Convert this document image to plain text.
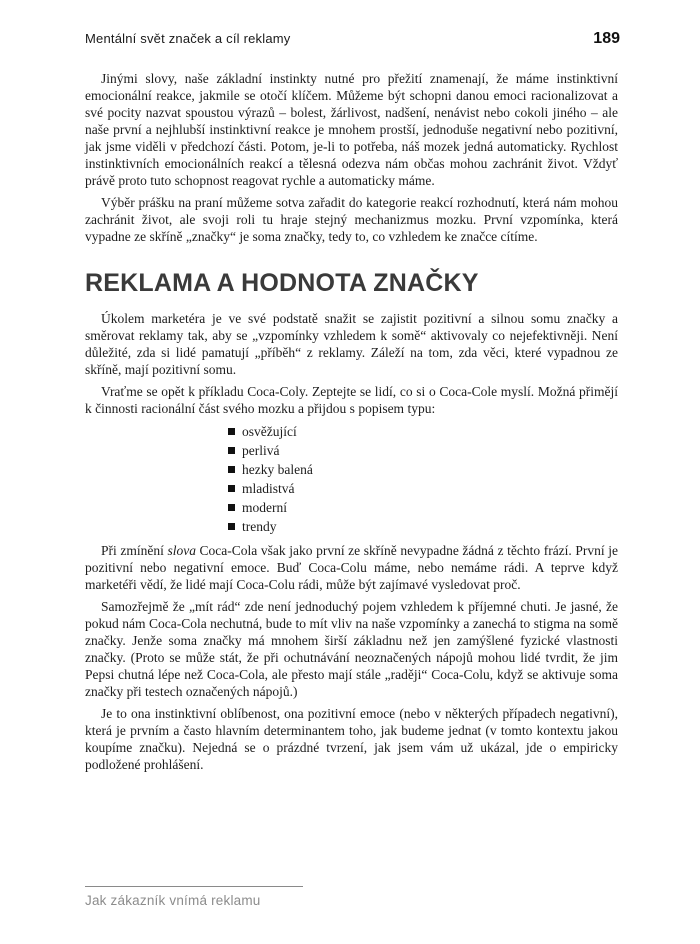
Mentální svět značek a cíl reklamy	189

Jinými slovy, naše základní instinkty nutné pro přežití znamenají, že máme instinktivní emocionální reakce, jakmile se otočí klíčem. Můžeme být schopni danou emoci racionalizovat a své pocity nazvat spoustou výrazů – bolest, žárlivost, nadšení, nenávist nebo cokoli jiného – ale naše první a nejhlubší instinktivní reakce je mnohem prostší, jednoduše negativní nebo pozitivní, jak jsme viděli v předchozí části. Potom, je-li to potřeba, náš mozek jedná automaticky. Rychlost instinktivních emocionálních reakcí a tělesná odezva nám občas mohou zachránit život. Vždyť právě proto tuto schopnost reagovat rychle a automaticky máme.

Výběr prášku na praní můžeme sotva zařadit do kategorie reakcí rozhodnutí, která nám mohou zachránit život, ale svoji roli tu hraje stejný mechanizmus mozku. První vzpomínka, která vypadne ze skříně „značky“ je soma značky, tedy to, co vzhledem ke značce cítíme.

REKLAMA A HODNOTA ZNAČKY

Úkolem marketéra je ve své podstatě snažit se zajistit pozitivní a silnou somu značky a směrovat reklamy tak, aby se „vzpomínky vzhledem k somě“ aktivovaly co nejefektivněji. Není důležité, zda si lidé pamatují „příběh“ z reklamy. Záleží na tom, zda věci, které vypadnou ze skříně, mají pozitivní somu.

Vraťme se opět k příkladu Coca-Coly. Zeptejte se lidí, co si o Coca-Cole myslí. Možná přimějí k činnosti racionální část svého mozku a přijdou s popisem typu:

osvěžující
perlivá
hezky balená
mladistvá
moderní
trendy

Při zmínění slova Coca-Cola však jako první ze skříně nevypadne žádná z těchto frází. První je pozitivní nebo negativní emoce. Buď Coca-Colu máme, nebo nemáme rádi. A teprve když marketéři vědí, že lidé mají Coca-Colu rádi, může být zajímavé vysledovat proč.

Samozřejmě že „mít rád“ zde není jednoduchý pojem vzhledem k příjemné chuti. Je jasné, že pokud nám Coca-Cola nechutná, bude to mít vliv na naše vzpomínky a zanechá to stigma na somě značky. Jenže soma značky má mnohem širší základnu než jen zamýšlené fyzické vlastnosti značky. (Proto se může stát, že při ochutnávání neoznačených nápojů mohou lidé tvrdit, že jim Pepsi chutná lépe než Coca-Cola, ale přesto mají stále „raději“ Coca-Colu, když se aktivuje soma značky při testech označených nápojů.)

Je to ona instinktivní oblíbenost, ona pozitivní emoce (nebo v některých případech negativní), která je prvním a často hlavním determinantem toho, jak budeme jednat (v tomto kontextu jakou koupíme značku). Nejedná se o prázdné tvrzení, jak jsem vám už ukázal, jde o empiricky podložené prohlášení.

Jak zákazník vnímá reklamu
